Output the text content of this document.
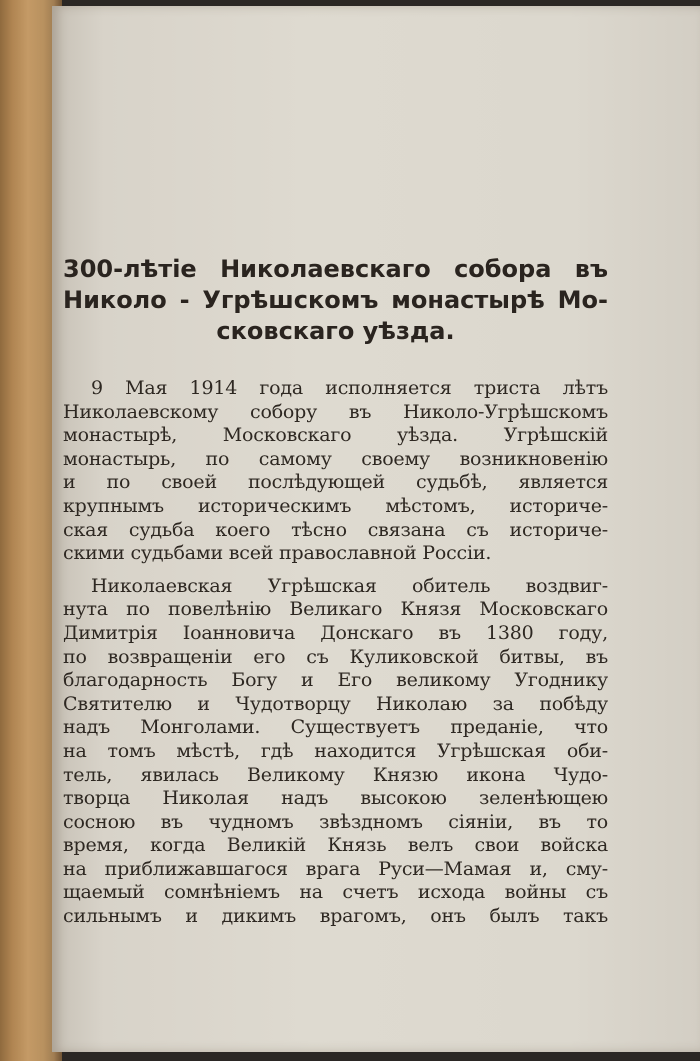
300-лѣтіе Николаевскаго собора въ
Николо - Угрѣшскомъ монастырѣ Мо-
сковскаго уѣзда.

9 Мая 1914 года исполняется триста лѣтъ
Николаевскому собору въ Николо-Угрѣшскомъ
монастырѣ, Московскаго уѣзда. Угрѣшскій
монастырь, по самому своему возникновенію
и по своей послѣдующей судьбѣ, является
крупнымъ историческимъ мѣстомъ, историче-
ская судьба коего тѣсно связана съ историче-
скими судьбами всей православной Россіи.

Николаевская Угрѣшская обитель воздвиг-
нута по повелѣнію Великаго Князя Московскаго
Димитрія Іоанновича Донскаго въ 1380 году,
по возвращеніи его съ Куликовской битвы, въ
благодарность Богу и Его великому Угоднику
Святителю и Чудотворцу Николаю за побѣду
надъ Монголами. Существуетъ преданіе, что
на томъ мѣстѣ, гдѣ находится Угрѣшская оби-
тель, явилась Великому Князю икона Чудо-
творца Николая надъ высокою зеленѣющею
сосною въ чудномъ звѣздномъ сіяніи, въ то
время, когда Великій Князь велъ свои войска
на приближавшагося врага Руси—Мамая и, сму-
щаемый сомнѣніемъ на счетъ исхода войны съ
сильнымъ и дикимъ врагомъ, онъ былъ такъ
